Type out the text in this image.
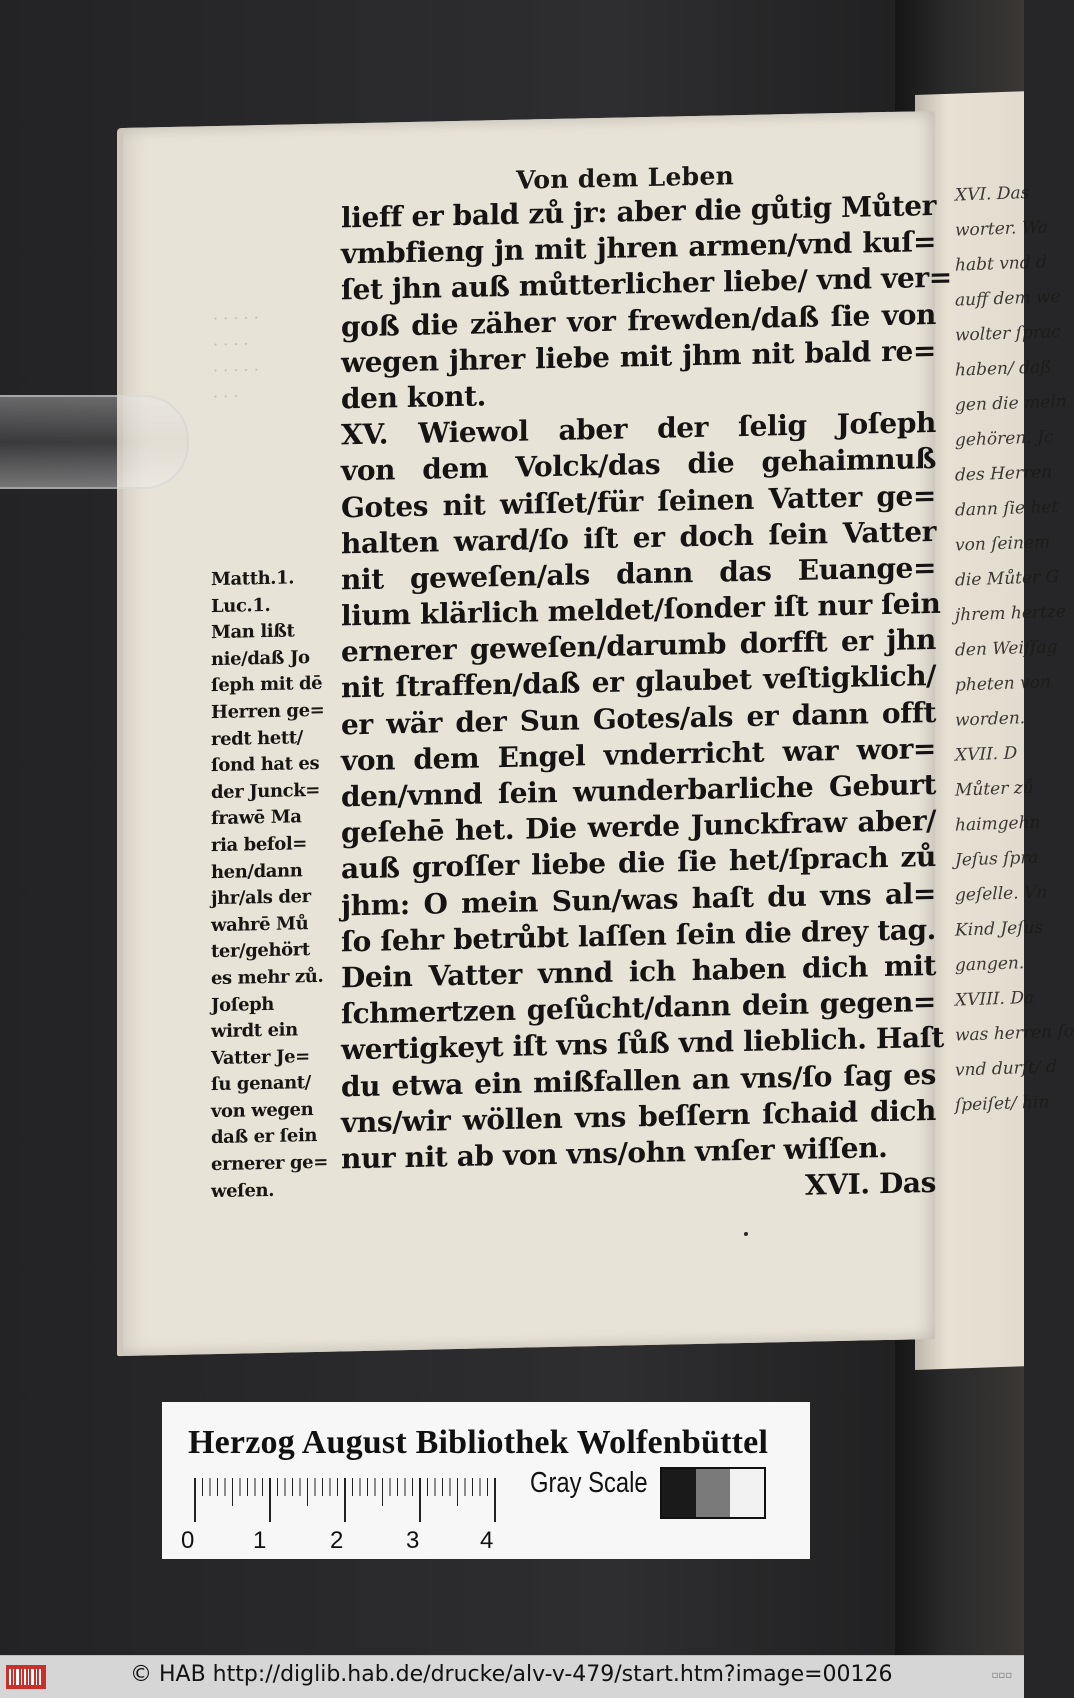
XVI. Das
worter. Wa
habt vnd d
auff dem we
wolter ſprac
haben/ daß
gen die mein
gehören. Jc
des Herren
dann ſie het
von ſeinem
die Můter G
jhrem hertze
den Weiſſag
pheten von
worden.
XVII. D
Můter zů
haimgehn
Jeſus ſpra
geſelle. Vn
Kind Jeſus
gangen.
XVIII. Da
was herren ſo
vnd durſt/ d
ſpeiſet/ hin
· · · · ·
· · · ·
· · · · ·
· · ·
Von dem Leben
lieff er bald zů jr: aber die gůtig Můter
vmbfieng jn mit jhren armen/vnd kuſ=
ſet jhn auß můtterlicher liebe/ vnd ver=
goß die zäher vor frewden/daß ſie von
wegen jhrer liebe mit jhm nit bald re=
den kont.
XV. Wiewol aber der ſelig Joſeph
von dem Volck/das die gehaimnuß
Gotes nit wiſſet/für ſeinen Vatter ge=
halten ward/ſo iſt er doch ſein Vatter
nit geweſen/als dann das Euange=
lium klärlich meldet/ſonder iſt nur ſein
ernerer geweſen/darumb dorfft er jhn
nit ſtraffen/daß er glaubet veſtigklich/
er wär der Sun Gotes/als er dann offt
von dem Engel vnderricht war wor=
den/vnnd ſein wunderbarliche Geburt
geſehē het. Die werde Junckfraw aber/
auß groſſer liebe die ſie het/ſprach zů
jhm: O mein Sun/was haſt du vns al=
ſo ſehr betrůbt laſſen ſein die drey tag.
Dein Vatter vnnd ich haben dich mit
ſchmertzen geſůcht/dann dein gegen=
wertigkeyt iſt vns ſůß vnd lieblich. Haſt
du etwa ein mißfallen an vns/ſo ſag es
vns/wir wöllen vns beſſern ſchaid dich
nur nit ab von vns/ohn vnſer wiſſen.
XVI. Das
Matth.1.
Luc.1.
Man lißt
nie/daß Jo
ſeph mit dē
Herren ge=
redt hett/
ſond hat es
der Junck=
frawē Ma
ria befol=
hen/dann
jhr/als der
wahrē Mů
ter/gehört
es mehr zů.
Joſeph
wirdt ein
Vatter Je=
ſu genant/
von wegen
daß er ſein
ernerer ge=
weſen.
Herzog August Bibliothek Wolfenbüttel
0 1	2	3	4
Gray Scale
© HAB http://diglib.hab.de/drucke/alv-v-479/start.htm?image=00126	▫▫▫
